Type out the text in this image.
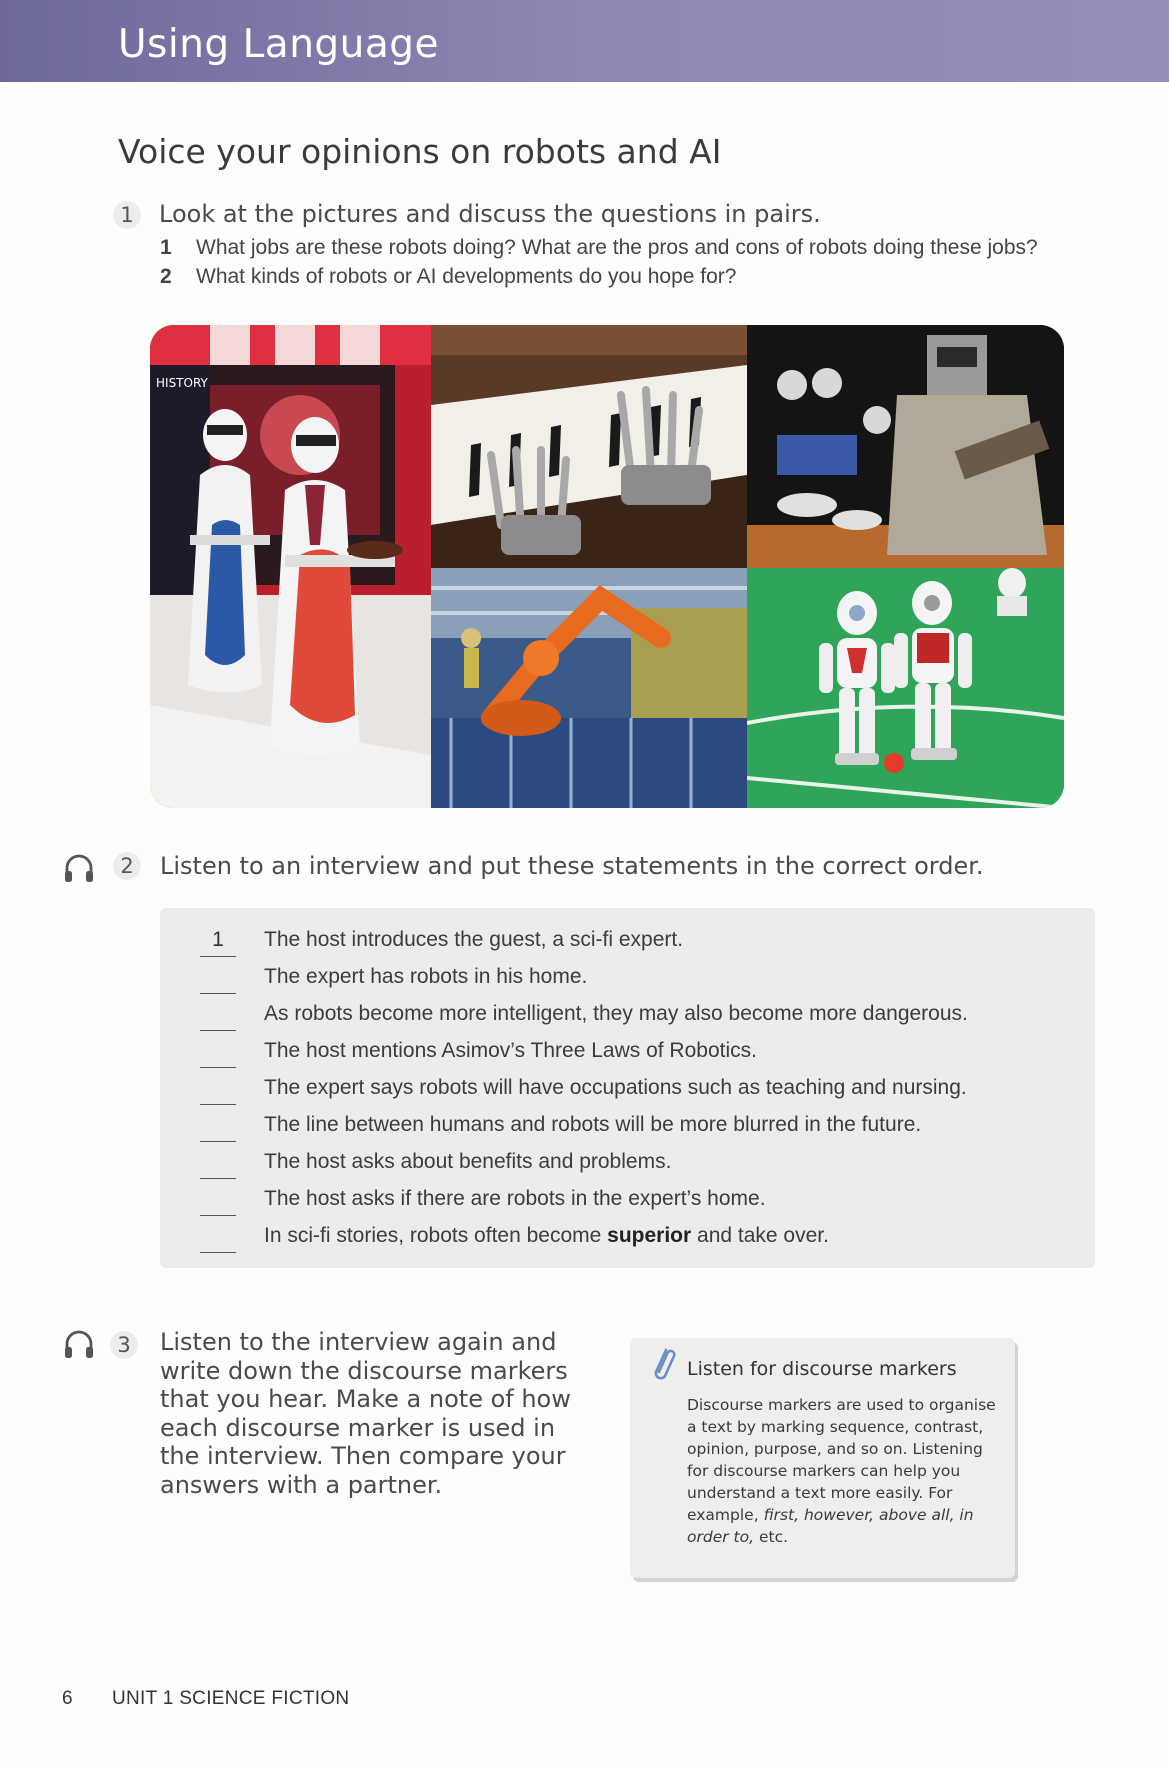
Using Language
Voice your opinions on robots and AI
1	Look at the pictures and discuss the questions in pairs.
1 What jobs are these robots doing? What are the pros and cons of robots doing these jobs?
2 What kinds of robots or AI developments do you hope for?
HISTORY
2	Listen to an interview and put these statements in the correct order.
1	The host introduces the guest, a sci-fi expert.
The expert has robots in his home.
As robots become more intelligent, they may also become more dangerous.
The host mentions Asimov’s Three Laws of Robotics.
The expert says robots will have occupations such as teaching and nursing.
The line between humans and robots will be more blurred in the future.
The host asks about benefits and problems.
The host asks if there are robots in the expert’s home.
In sci-fi stories, robots often become superior and take over.
3	Listen to the interview again and write down the discourse markers that you hear. Make a note of how each discourse marker is used in the interview. Then compare your answers with a partner.
Listen for discourse markers
Discourse markers are used to organise a text by marking sequence, contrast, opinion, purpose, and so on. Listening for discourse markers can help you understand a text more easily. For example, first, however, above all, in order to, etc.
6 UNIT 1 SCIENCE FICTION
